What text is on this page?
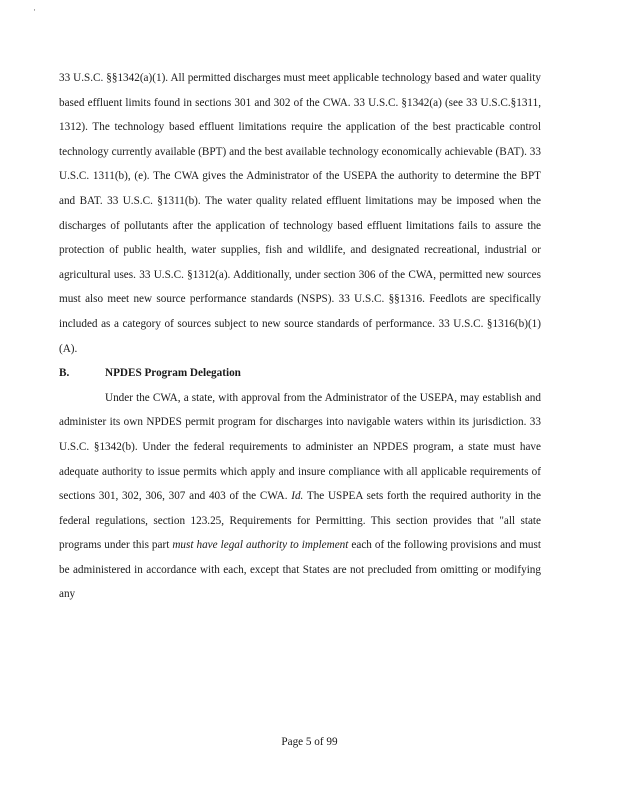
·

33 U.S.C. §§1342(a)(1). All permitted discharges must meet applicable technology based and water quality based effluent limits found in sections 301 and 302 of the CWA. 33 U.S.C. §1342(a) (see 33 U.S.C.§1311, 1312). The technology based effluent limitations require the application of the best practicable control technology currently available (BPT) and the best available technology economically achievable (BAT). 33 U.S.C. 1311(b), (e). The CWA gives the Administrator of the USEPA the authority to determine the BPT and BAT. 33 U.S.C. §1311(b). The water quality related effluent limitations may be imposed when the discharges of pollutants after the application of technology based effluent limitations fails to assure the protection of public health, water supplies, fish and wildlife, and designated recreational, industrial or agricultural uses. 33 U.S.C. §1312(a). Additionally, under section 306 of the CWA, permitted new sources must also meet new source performance standards (NSPS). 33 U.S.C. §§1316. Feedlots are specifically included as a category of sources subject to new source standards of performance. 33 U.S.C. §1316(b)(1)(A).

B.	NPDES Program Delegation

Under the CWA, a state, with approval from the Administrator of the USEPA, may establish and administer its own NPDES permit program for discharges into navigable waters within its jurisdiction. 33 U.S.C. §1342(b). Under the federal requirements to administer an NPDES program, a state must have adequate authority to issue permits which apply and insure compliance with all applicable requirements of sections 301, 302, 306, 307 and 403 of the CWA. Id. The USPEA sets forth the required authority in the federal regulations, section 123.25, Requirements for Permitting. This section provides that "all state programs under this part must have legal authority to implement each of the following provisions and must be administered in accordance with each, except that States are not precluded from omitting or modifying any

Page 5 of 99
